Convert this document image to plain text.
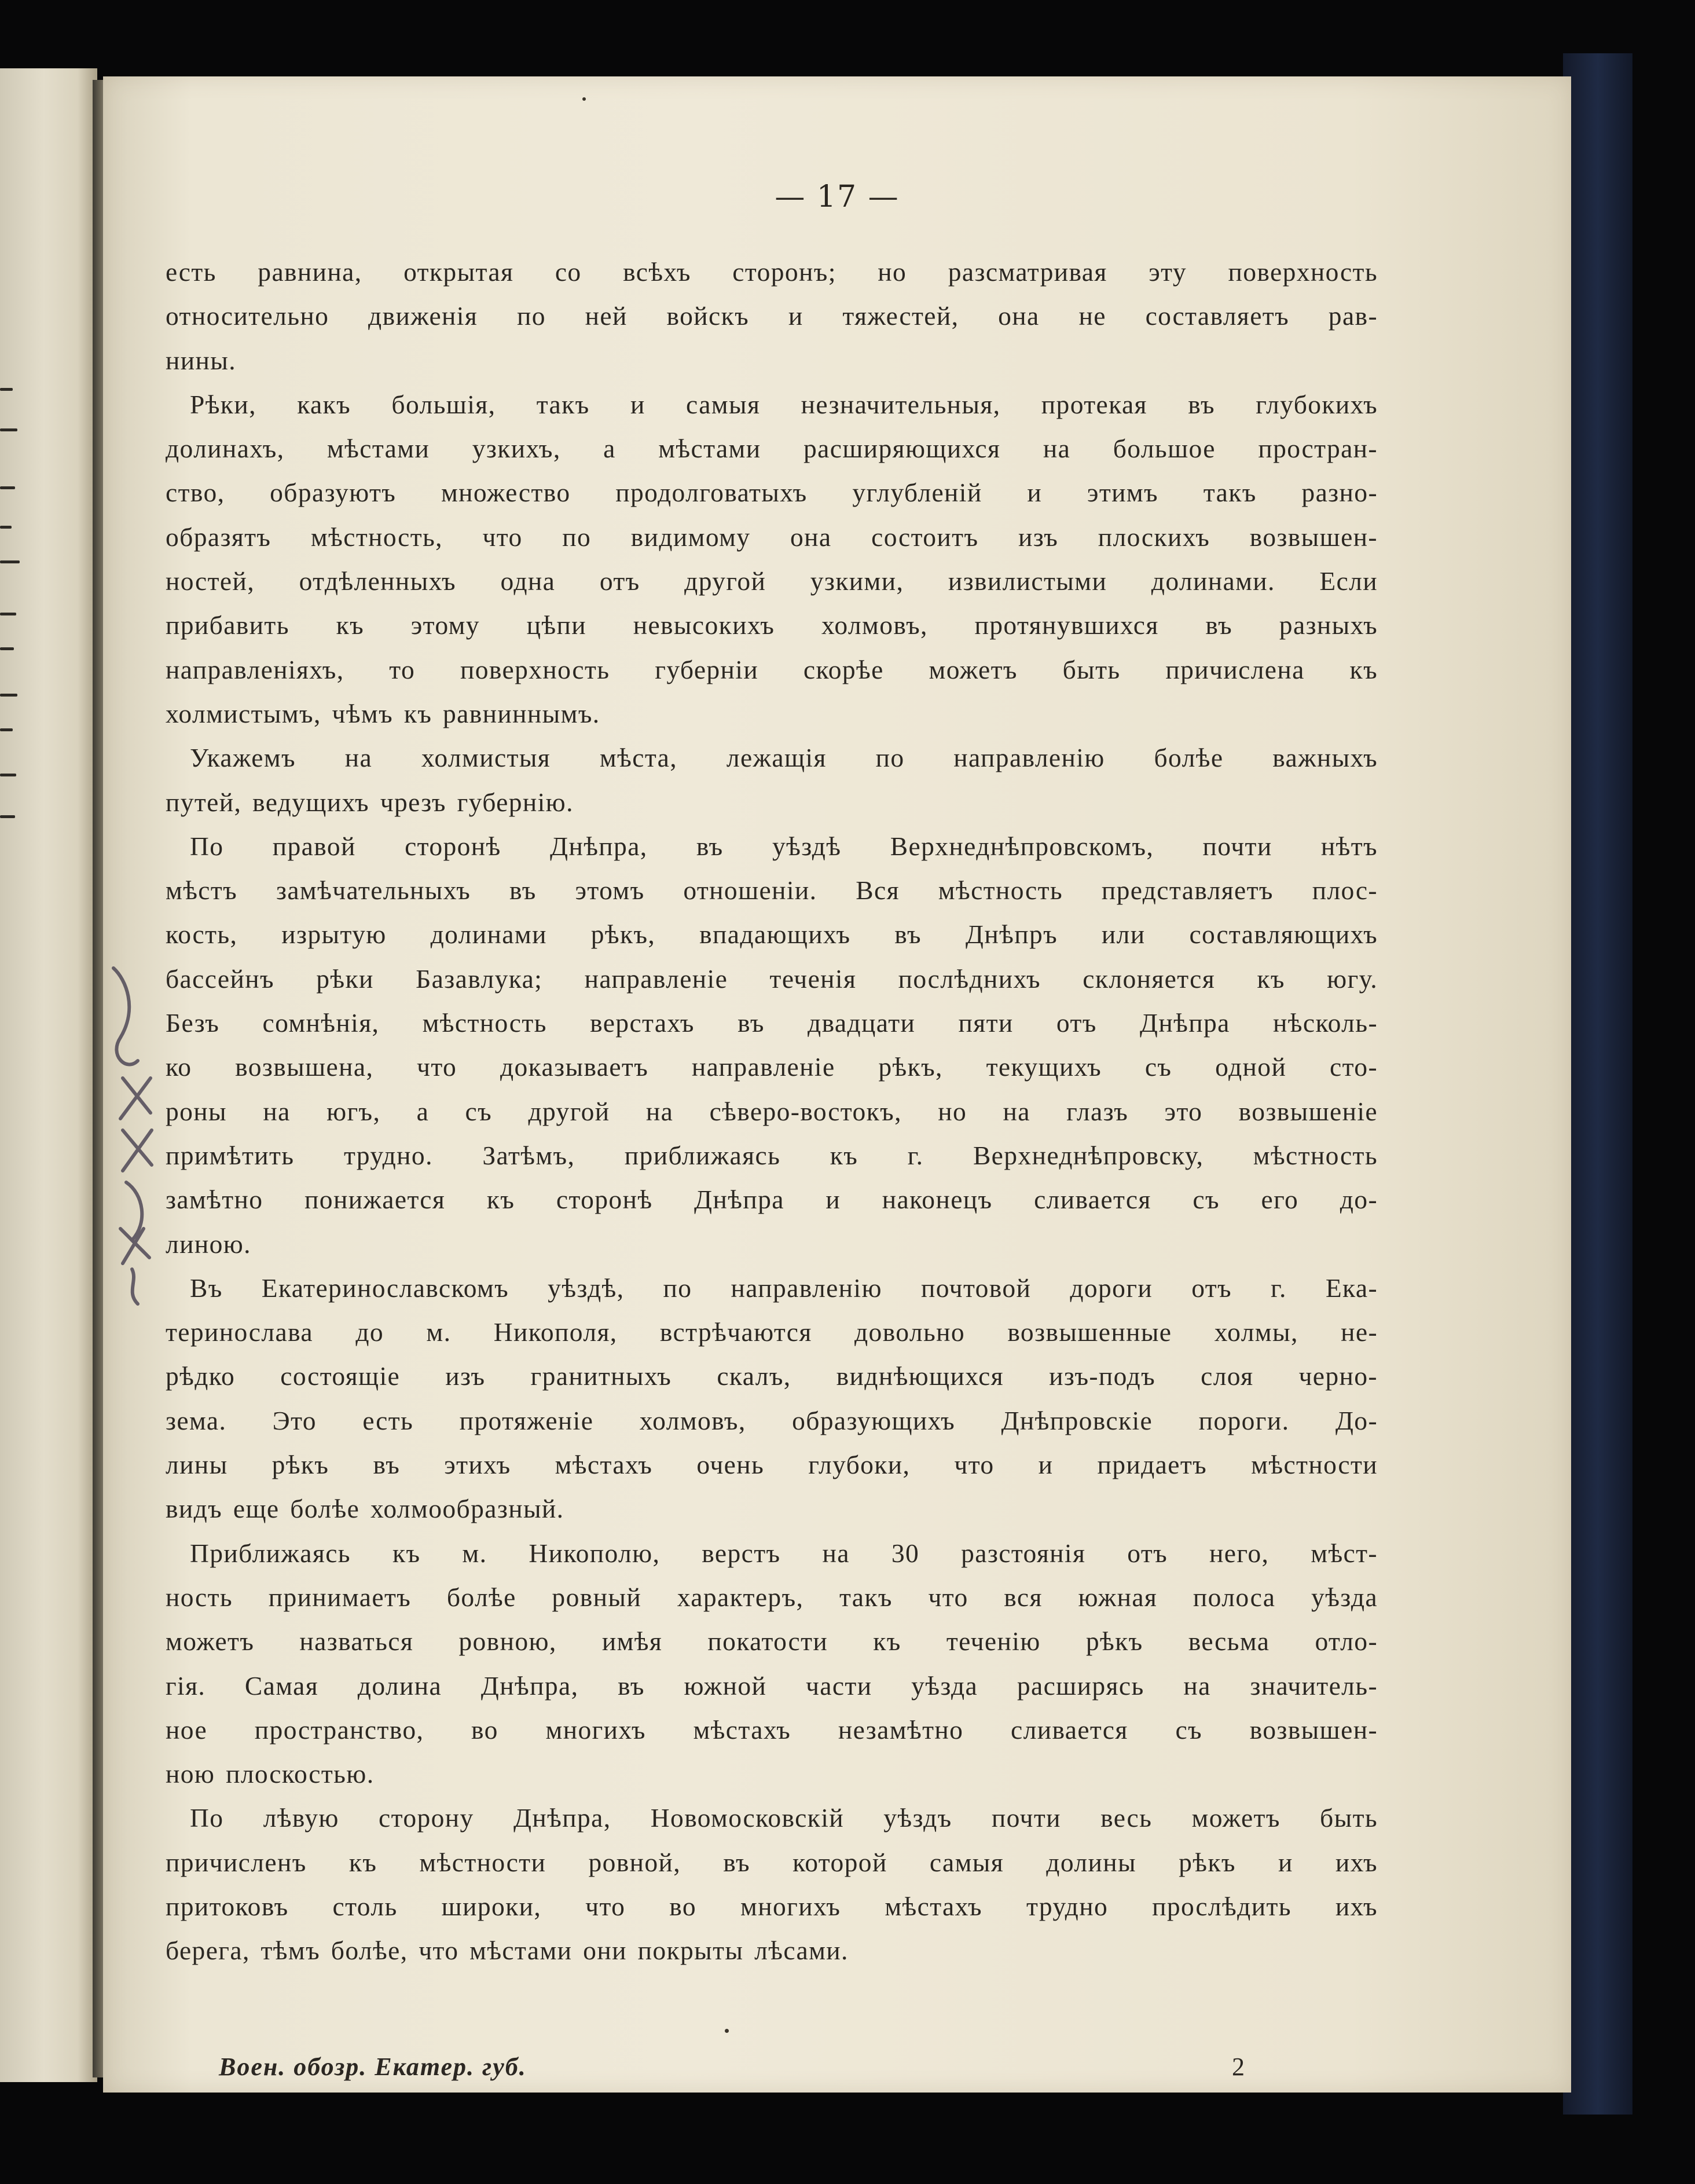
— 17 —
есть равнина, открытая со всѣхъ сторонъ; но разсматривая эту поверхность
относительно движенія по ней войскъ и тяжестей, она не составляетъ рав-
нины.
Рѣки, какъ большія, такъ и самыя незначительныя, протекая въ глубокихъ
долинахъ, мѣстами узкихъ, а мѣстами расширяющихся на большое простран-
ство, образуютъ множество продолговатыхъ углубленій и этимъ такъ разно-
образятъ мѣстность, что по видимому она состоитъ изъ плоскихъ возвышен-
ностей, отдѣленныхъ одна отъ другой узкими, извилистыми долинами. Если
прибавить къ этому цѣпи невысокихъ холмовъ, протянувшихся въ разныхъ
направленіяхъ, то поверхность губерніи скорѣе можетъ быть причислена къ
холмистымъ, чѣмъ къ равниннымъ.
Укажемъ на холмистыя мѣста, лежащія по направленію болѣе важныхъ
путей, ведущихъ чрезъ губернію.
По правой сторонѣ Днѣпра, въ уѣздѣ Верхнеднѣпровскомъ, почти нѣтъ
мѣстъ замѣчательныхъ въ этомъ отношеніи. Вся мѣстность представляетъ плос-
кость, изрытую долинами рѣкъ, впадающихъ въ Днѣпръ или составляющихъ
бассейнъ рѣки Базавлука; направленіе теченія послѣднихъ склоняется къ югу.
Безъ сомнѣнія, мѣстность верстахъ въ двадцати пяти отъ Днѣпра нѣсколь-
ко возвышена, что доказываетъ направленіе рѣкъ, текущихъ съ одной сто-
роны на югъ, а съ другой на сѣверо-востокъ, но на глазъ это возвышеніе
примѣтить трудно. Затѣмъ, приближаясь къ г. Верхнеднѣпровску, мѣстность
замѣтно понижается къ сторонѣ Днѣпра и наконецъ сливается съ его до-
линою.
Въ Екатеринославскомъ уѣздѣ, по направленію почтовой дороги отъ г. Ека-
теринослава до м. Никополя, встрѣчаются довольно возвышенные холмы, не-
рѣдко состоящіе изъ гранитныхъ скалъ, виднѣющихся изъ-подъ слоя черно-
зема. Это есть протяженіе холмовъ, образующихъ Днѣпровскіе пороги. До-
лины рѣкъ въ этихъ мѣстахъ очень глубоки, что и придаетъ мѣстности
видъ еще болѣе холмообразный.
Приближаясь къ м. Никополю, верстъ на 30 разстоянія отъ него, мѣст-
ность принимаетъ болѣе ровный характеръ, такъ что вся южная полоса уѣзда
можетъ назваться ровною, имѣя покатости къ теченію рѣкъ весьма отло-
гія. Самая долина Днѣпра, въ южной части уѣзда расширясь на значитель-
ное пространство, во многихъ мѣстахъ незамѣтно сливается съ возвышен-
ною плоскостью.
По лѣвую сторону Днѣпра, Новомосковскій уѣздъ почти весь можетъ быть
причисленъ къ мѣстности ровной, въ которой самыя долины рѣкъ и ихъ
притоковъ столь широки, что во многихъ мѣстахъ трудно прослѣдить ихъ
берега, тѣмъ болѣе, что мѣстами они покрыты лѣсами.
Воен. обозр. Екатер. губ.	2
